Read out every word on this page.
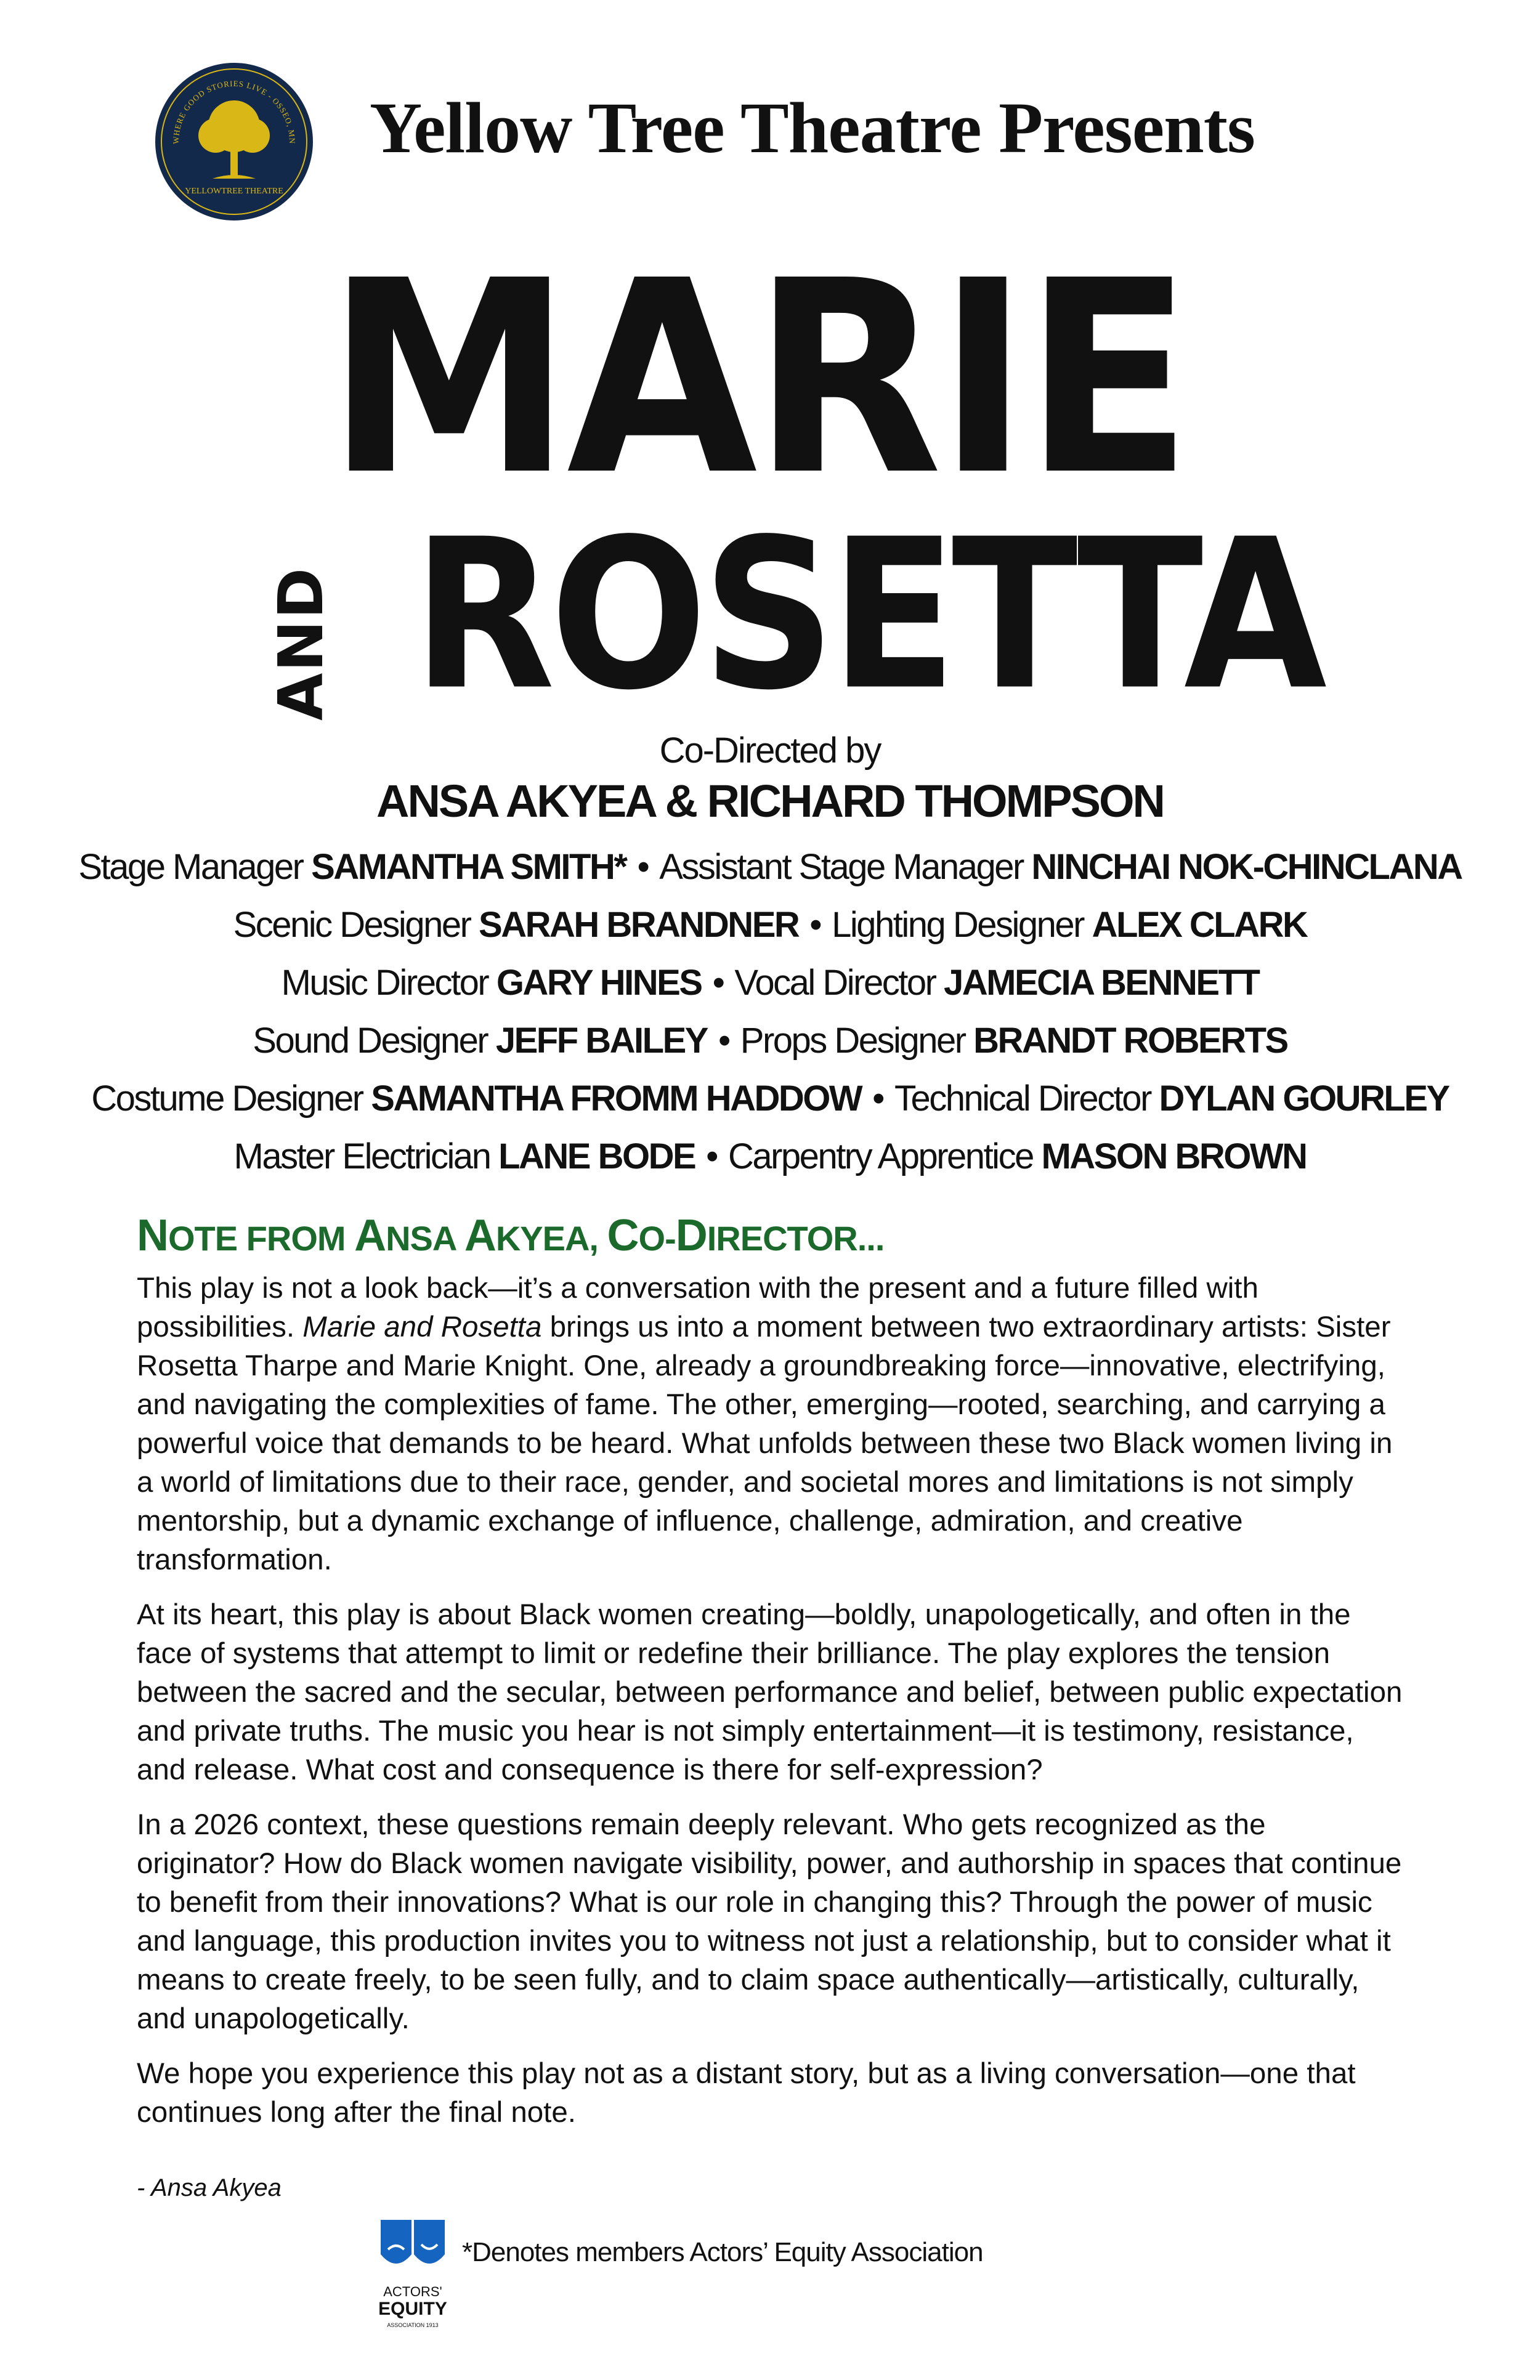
WHERE GOOD STORIES LIVE - OSSEO, MN
YELLOWTREE THEATRE
Yellow Tree Theatre Presents
MARIE
AND ROSETTA
Co-Directed by
ANSA AKYEA & RICHARD THOMPSON
Stage Manager SAMANTHA SMITH* • Assistant Stage Manager NINCHAI NOK-CHINCLANA
Scenic Designer SARAH BRANDNER • Lighting Designer ALEX CLARK
Music Director GARY HINES • Vocal Director JAMECIA BENNETT
Sound Designer JEFF BAILEY • Props Designer BRANDT ROBERTS
Costume Designer SAMANTHA FROMM HADDOW • Technical Director DYLAN GOURLEY
Master Electrician LANE BODE • Carpentry Apprentice MASON BROWN
NOTE FROM ANSA AKYEA, CO-DIRECTOR...

This play is not a look back—it’s a conversation with the present and a future filled with possibilities. Marie and Rosetta brings us into a moment between two extraordinary artists: Sister Rosetta Tharpe and Marie Knight. One, already a groundbreaking force—innovative, electrifying, and navigating the complexities of fame. The other, emerging—rooted, searching, and carrying a powerful voice that demands to be heard. What unfolds between these two Black women living in a world of limitations due to their race, gender, and societal mores and limitations is not simply mentorship, but a dynamic exchange of influence, challenge, admiration, and creative transformation.

At its heart, this play is about Black women creating—boldly, unapologetically, and often in the face of systems that attempt to limit or redefine their brilliance. The play explores the tension between the sacred and the secular, between performance and belief, between public expectation and private truths. The music you hear is not simply entertainment—it is testimony, resistance, and release. What cost and consequence is there for self-expression?

In a 2026 context, these questions remain deeply relevant. Who gets recognized as the originator? How do Black women navigate visibility, power, and authorship in spaces that continue to benefit from their innovations? What is our role in changing this? Through the power of music and language, this production invites you to witness not just a relationship, but to consider what it means to create freely, to be seen fully, and to claim space authentically—artistically, culturally, and unapologetically.

We hope you experience this play not as a distant story, but as a living conversation—one that continues long after the final note.

- Ansa Akyea
ACTORS'
EQUITY
ASSOCIATION 1913
*Denotes members Actors’ Equity Association
